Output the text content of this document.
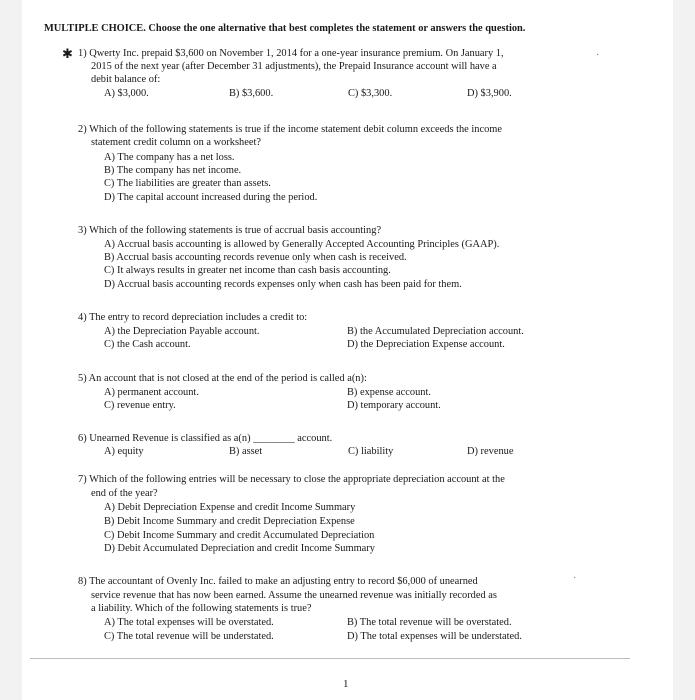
MULTIPLE CHOICE. Choose the one alternative that best completes the statement or answers the question.
✱	·
1) Qwerty Inc. prepaid $3,600 on November 1, 2014 for a one-year insurance premium. On January 1,
2015 of the next year (after December 31 adjustments), the Prepaid Insurance account will have a
debit balance of:
A) $3,000.	B) $3,600.	C) $3,300.	D) $3,900.
2) Which of the following statements is true if the income statement debit column exceeds the income
statement credit column on a worksheet?
A) The company has a net loss.
B) The company has net income.
C) The liabilities are greater than assets.
D) The capital account increased during the period.
3) Which of the following statements is true of accrual basis accounting?
A) Accrual basis accounting is allowed by Generally Accepted Accounting Principles (GAAP).
B) Accrual basis accounting records revenue only when cash is received.
C) It always results in greater net income than cash basis accounting.
D) Accrual basis accounting records expenses only when cash has been paid for them.
4) The entry to record depreciation includes a credit to:
A) the Depreciation Payable account.	B) the Accumulated Depreciation account.
C) the Cash account.	D) the Depreciation Expense account.
5) An account that is not closed at the end of the period is called a(n):
A) permanent account.	B) expense account.
C) revenue entry.	D) temporary account.
6) Unearned Revenue is classified as a(n) ________ account.
A) equity	B) asset	C) liability	D) revenue
7) Which of the following entries will be necessary to close the appropriate depreciation account at the
end of the year?
A) Debit Depreciation Expense and credit Income Summary
B) Debit Income Summary and credit Depreciation Expense
C) Debit Income Summary and credit Accumulated Depreciation
D) Debit Accumulated Depreciation and credit Income Summary
8) The accountant of Ovenly Inc. failed to make an adjusting entry to record $6,000 of unearned
service revenue that has now been earned. Assume the unearned revenue was initially recorded as
a liability. Which of the following statements is true?
A) The total expenses will be overstated.	B) The total revenue will be overstated.
C) The total revenue will be understated.	D) The total expenses will be understated.
·
1
